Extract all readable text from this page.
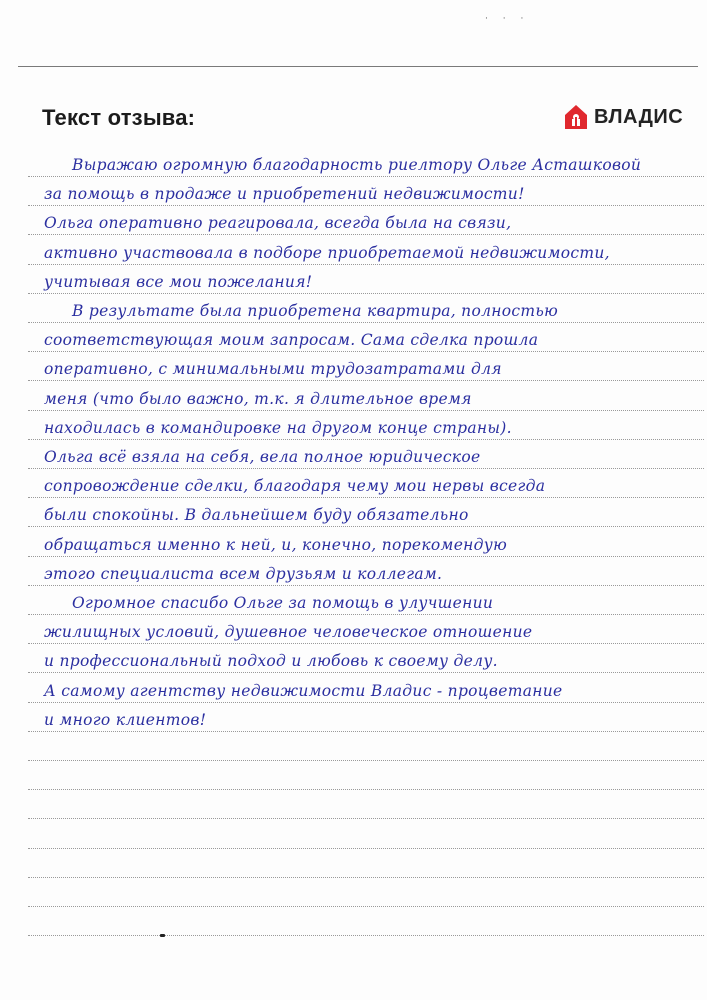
· · ·
Текст отзыва:	ВЛАДИС
Выражаю огромную благодарность риелтору Ольге Асташковой
за помощь в продаже и приобретений недвижимости!
Ольга оперативно реагировала, всегда была на связи,
активно участвовала в подборе приобретаемой недвижимости,
учитывая все мои пожелания!
В результате была приобретена квартира, полностью
соответствующая моим запросам. Сама сделка прошла
оперативно, с минимальными трудозатратами для
меня (что было важно, т.к. я длительное время
находилась в командировке на другом конце страны).
Ольга всё взяла на себя, вела полное юридическое
сопровождение сделки, благодаря чему мои нервы всегда
были спокойны. В дальнейшем буду обязательно
обращаться именно к ней, и, конечно, порекомендую
этого специалиста всем друзьям и коллегам.
Огромное спасибо Ольге за помощь в улучшении
жилищных условий, душевное человеческое отношение
и профессиональный подход и любовь к своему делу.
А самому агентству недвижимости Владис - процветание
и много клиентов!
